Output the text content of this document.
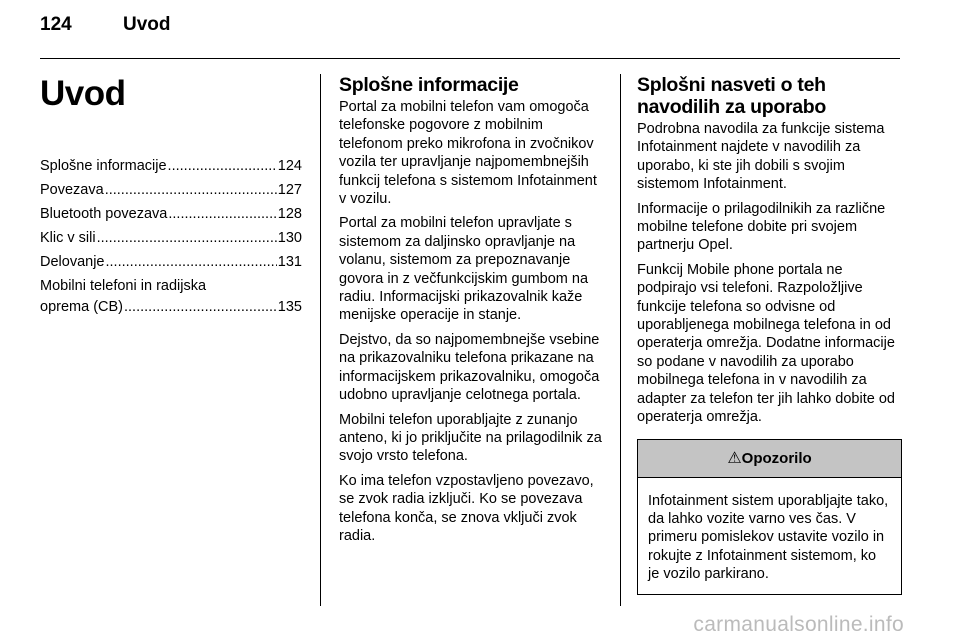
124	Uvod
Uvod
Splošne informacije .....	124
Povezava .....	127
Bluetooth povezava .....	128
Klic v sili .....	130
Delovanje .....	131
Mobilni telefoni in radijska
oprema (CB) .....	135
Splošne informacije

Portal za mobilni telefon vam omogoča telefonske pogovore z mobilnim telefonom preko mikrofona in zvočnikov vozila ter upravljanje najpomembnejših funkcij telefona s sistemom Infotainment v vozilu.

Portal za mobilni telefon upravljate s sistemom za daljinsko opravljanje na volanu, sistemom za prepoznavanje govora in z večfunkcijskim gumbom na radiu. Informacijski prikazovalnik kaže menijske operacije in stanje.

Dejstvo, da so najpomembnejše vsebine na prikazovalniku telefona prikazane na informacijskem prikazovalniku, omogoča udobno upravljanje celotnega portala.

Mobilni telefon uporabljajte z zunanjo anteno, ki jo priključite na prilagodilnik za svojo vrsto telefona.

Ko ima telefon vzpostavljeno povezavo, se zvok radia izključi. Ko se povezava telefona konča, se znova vključi zvok radia.

Splošni nasveti o teh navodilih za uporabo

Podrobna navodila za funkcije sistema Infotainment najdete v navodilih za uporabo, ki ste jih dobili s svojim sistemom Infotainment.

Informacije o prilagodilnikih za različne mobilne telefone dobite pri svojem partnerju Opel.

Funkcij Mobile phone portala ne podpirajo vsi telefoni. Razpoložljive funkcije telefona so odvisne od uporabljenega mobilnega telefona in od operaterja omrežja. Dodatne informacije so podane v navodilih za uporabo mobilnega telefona in v navodilih za adapter za telefon ter jih lahko dobite od operaterja omrežja.

⚠Opozorilo
Infotainment sistem uporabljajte tako, da lahko vozite varno ves čas. V primeru pomislekov ustavite vozilo in rokujte z Infotainment sistemom, ko je vozilo parkirano.
carmanualsonline.info
